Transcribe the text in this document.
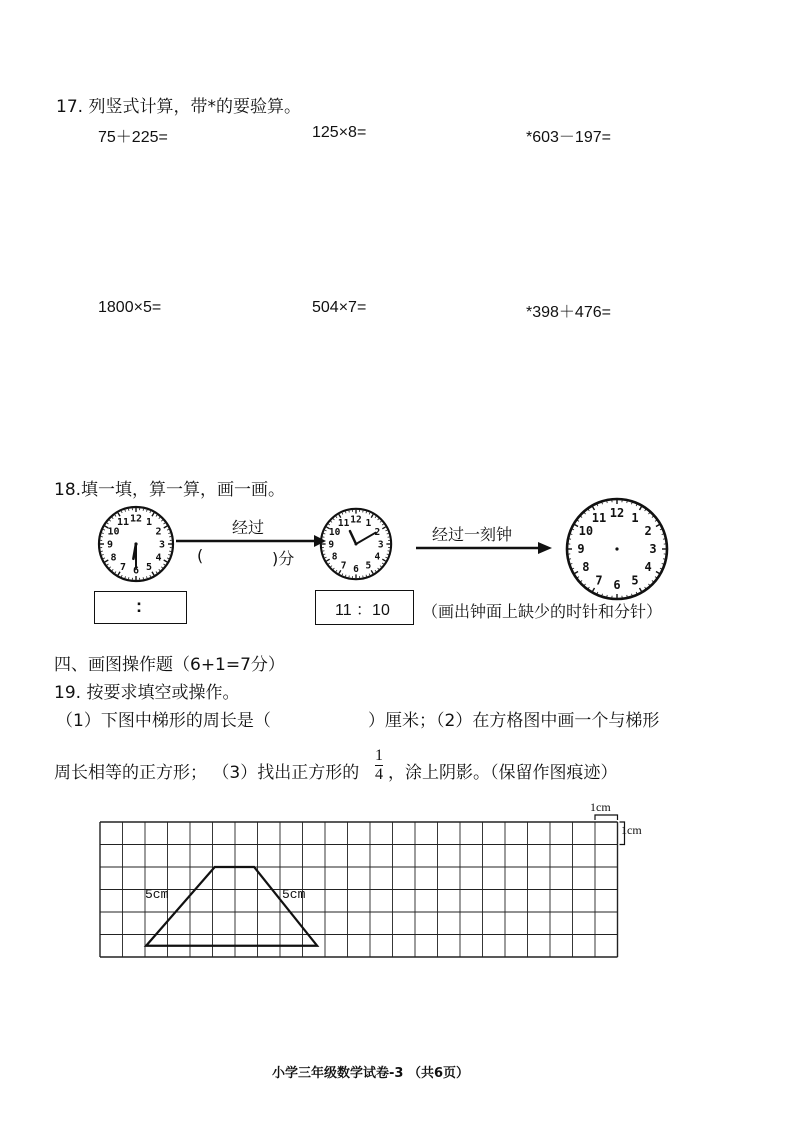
17. 列竖式计算，带*的要验算。
75＋225=	125×8=	*603－197=
1800×5=	504×7=	*398＋476=
18.填一填，算一算，画一画。
12 1
2
3
4
5
6
7
8
9
10
11	12 1
2
3
4
5
6
7
8
9
10
11
12 1
2
3
4
5
6
7
8
9
10
11
经过
(	)分
经过一刻钟
:	11 ：10 （画出钟面上缺少的时针和分针）
四、画图操作题（6+1=7分）
19. 按要求填空或操作。
（1）下图中梯形的周长是（	）厘米；（2）在方格图中画一个与梯形
周长相等的正方形； （3）找出正方形的
1
4 ，涂上阴影。（保留作图痕迹）
1cm
1cm
5cm	5cm
小学三年级数学试卷-3 （共6页）
